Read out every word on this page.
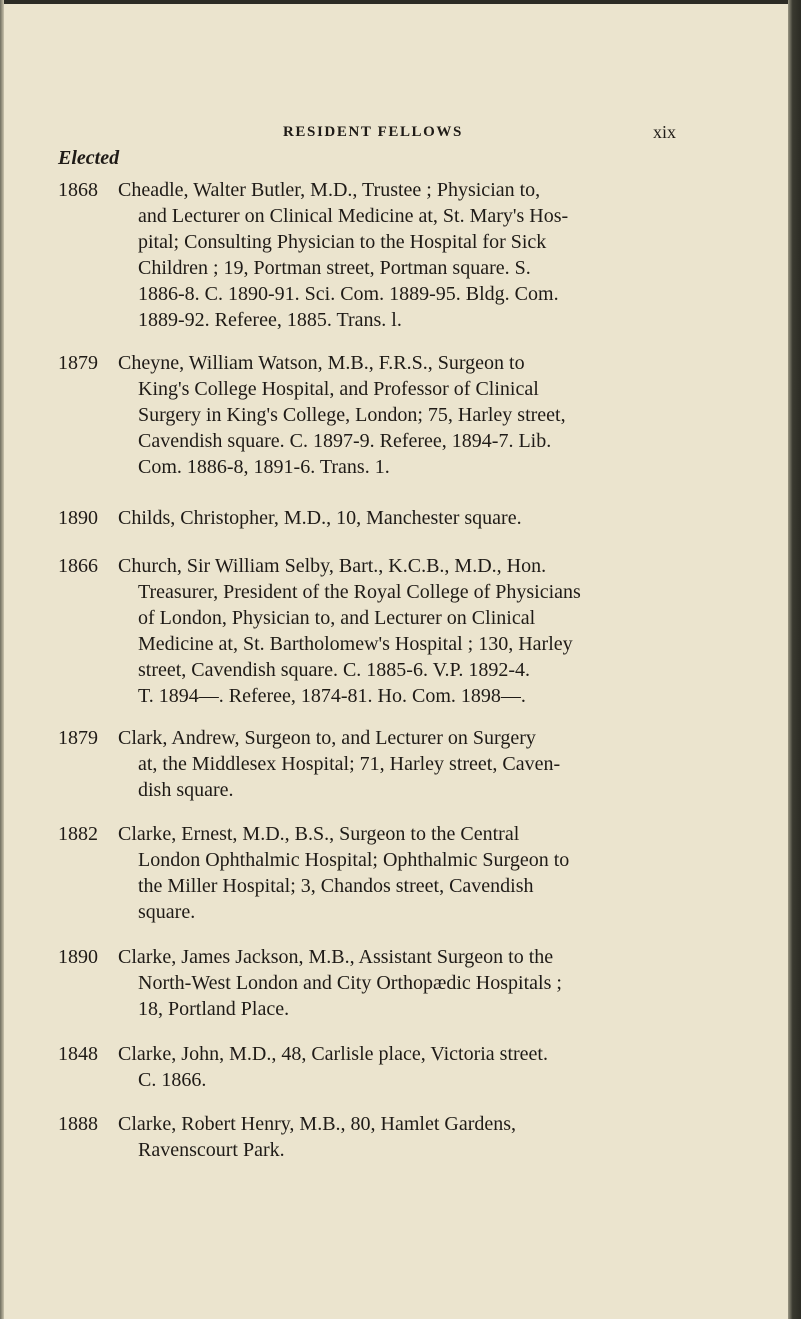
RESIDENT FELLOWS	xix
Elected
1868 Cheadle, Walter Butler, M.D., Trustee ; Physician to,
and Lecturer on Clinical Medicine at, St. Mary's Hos-
pital; Consulting Physician to the Hospital for Sick
Children ; 19, Portman street, Portman square. S.
1886-8. C. 1890-91. Sci. Com. 1889-95. Bldg. Com.
1889-92. Referee, 1885. Trans. l.
1879 Cheyne, William Watson, M.B., F.R.S., Surgeon to
King's College Hospital, and Professor of Clinical
Surgery in King's College, London; 75, Harley street,
Cavendish square. C. 1897-9. Referee, 1894-7. Lib.
Com. 1886-8, 1891-6. Trans. 1.
1890 Childs, Christopher, M.D., 10, Manchester square.
1866 Church, Sir William Selby, Bart., K.C.B., M.D., Hon.
Treasurer, President of the Royal College of Physicians
of London, Physician to, and Lecturer on Clinical
Medicine at, St. Bartholomew's Hospital ; 130, Harley
street, Cavendish square. C. 1885-6. V.P. 1892-4.
T. 1894—. Referee, 1874-81. Ho. Com. 1898—.
1879 Clark, Andrew, Surgeon to, and Lecturer on Surgery
at, the Middlesex Hospital; 71, Harley street, Caven-
dish square.
1882 Clarke, Ernest, M.D., B.S., Surgeon to the Central
London Ophthalmic Hospital; Ophthalmic Surgeon to
the Miller Hospital; 3, Chandos street, Cavendish
square.
1890 Clarke, James Jackson, M.B., Assistant Surgeon to the
North-West London and City Orthopædic Hospitals ;
18, Portland Place.
1848 Clarke, John, M.D., 48, Carlisle place, Victoria street.
C. 1866.
1888 Clarke, Robert Henry, M.B., 80, Hamlet Gardens,
Ravenscourt Park.
